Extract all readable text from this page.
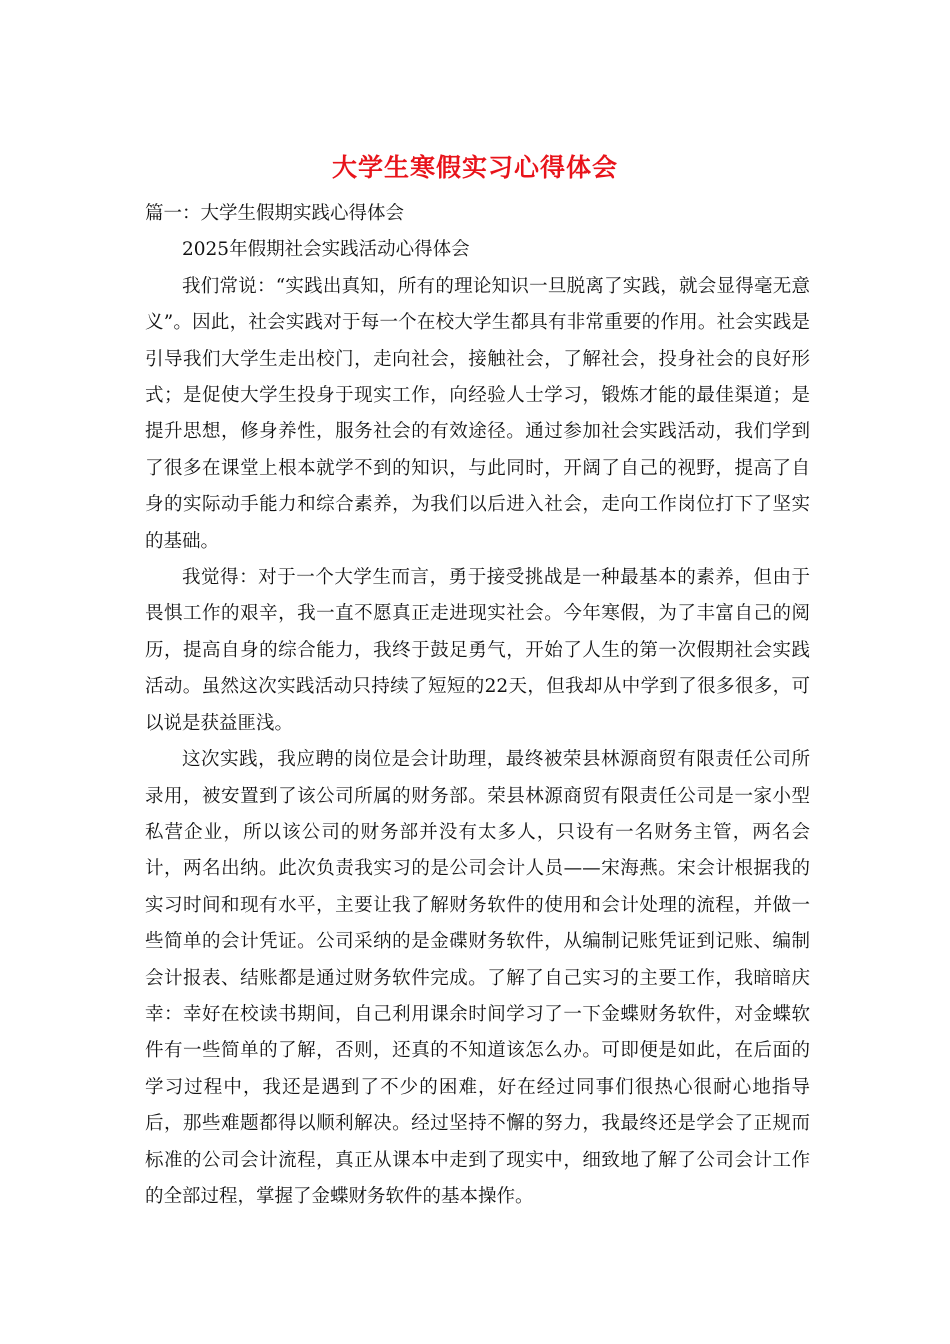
大学生寒假实习心得体会

篇一：大学生假期实践心得体会

2025年假期社会实践活动心得体会

我们常说：“实践出真知，所有的理论知识一旦脱离了实践，就会显得毫无意义”。因此，社会实践对于每一个在校大学生都具有非常重要的作用。社会实践是引导我们大学生走出校门，走向社会，接触社会，了解社会，投身社会的良好形式；是促使大学生投身于现实工作，向经验人士学习，锻炼才能的最佳渠道；是提升思想，修身养性，服务社会的有效途径。通过参加社会实践活动，我们学到了很多在课堂上根本就学不到的知识，与此同时，开阔了自己的视野，提高了自身的实际动手能力和综合素养，为我们以后进入社会，走向工作岗位打下了坚实的基础。

我觉得：对于一个大学生而言，勇于接受挑战是一种最基本的素养，但由于畏惧工作的艰辛，我一直不愿真正走进现实社会。今年寒假，为了丰富自己的阅历，提高自身的综合能力，我终于鼓足勇气，开始了人生的第一次假期社会实践活动。虽然这次实践活动只持续了短短的22天，但我却从中学到了很多很多，可以说是获益匪浅。

这次实践，我应聘的岗位是会计助理，最终被荣县林源商贸有限责任公司所录用，被安置到了该公司所属的财务部。荣县林源商贸有限责任公司是一家小型私营企业，所以该公司的财务部并没有太多人，只设有一名财务主管，两名会计，两名出纳。此次负责我实习的是公司会计人员——宋海燕。宋会计根据我的实习时间和现有水平，主要让我了解财务软件的使用和会计处理的流程，并做一些简单的会计凭证。公司采纳的是金碟财务软件，从编制记账凭证到记账、编制会计报表、结账都是通过财务软件完成。了解了自己实习的主要工作，我暗暗庆幸：幸好在校读书期间，自己利用课余时间学习了一下金蝶财务软件，对金蝶软件有一些简单的了解，否则，还真的不知道该怎么办。可即便是如此，在后面的学习过程中，我还是遇到了不少的困难，好在经过同事们很热心很耐心地指导后，那些难题都得以顺利解决。经过坚持不懈的努力，我最终还是学会了正规而标准的公司会计流程，真正从课本中走到了现实中，细致地了解了公司会计工作的全部过程，掌握了金蝶财务软件的基本操作。
